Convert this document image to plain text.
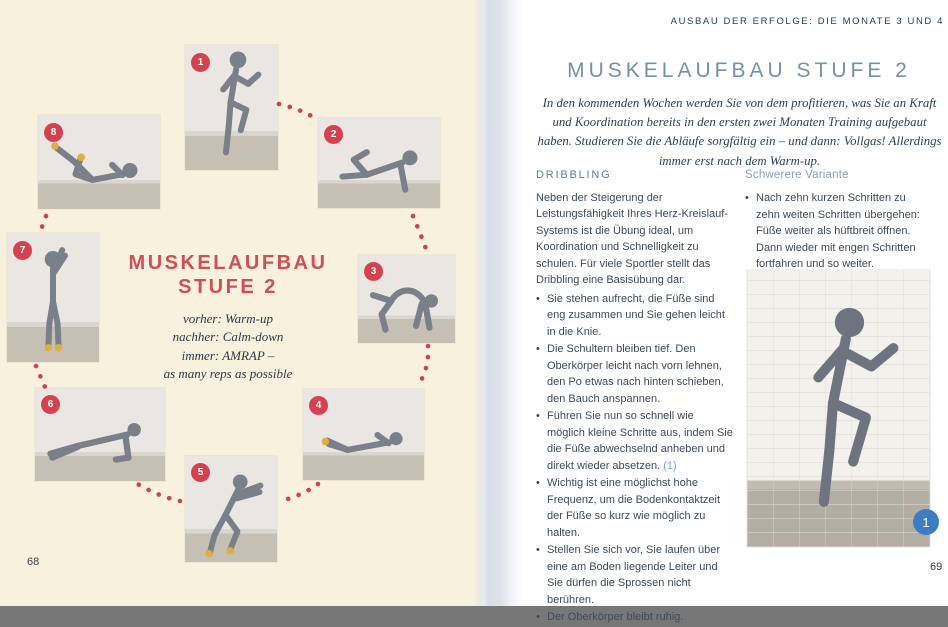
1
2
3
4
5
6
7
8
MUSKELAUFBAU
STUFE 2
vorher: Warm-up
nachher: Calm-down
immer: AMRAP –
as many reps as possible
68
AUSBAU DER ERFOLGE: DIE MONATE 3 UND 4
MUSKELAUFBAU STUFE 2
In den kommenden Wochen werden Sie von dem profitieren, was Sie an Kraft und Koordination bereits in den ersten zwei Monaten Training aufgebaut haben. Studieren Sie die Abläufe sorgfältig ein – und dann: Vollgas! Allerdings immer erst nach dem Warm-up.
DRIBBLING

Neben der Steigerung der Leistungsfähigkeit Ihres Herz-Kreislauf-Systems ist die Übung ideal, um Koordination und Schnelligkeit zu schulen. Für viele Sportler stellt das Dribbling eine Basisübung dar.

• Sie stehen aufrecht, die Füße sind eng zusammen und Sie gehen leicht in die Knie.
• Die Schultern bleiben tief. Den Oberkörper leicht nach vorn lehnen, den Po etwas nach hinten schieben, den Bauch anspannen.
• Führen Sie nun so schnell wie möglich kleine Schritte aus, indem Sie die Füße abwechselnd anheben und direkt wieder absetzen. (1)
• Wichtig ist eine möglichst hohe Frequenz, um die Bodenkontaktzeit der Füße so kurz wie möglich zu halten.
• Stellen Sie sich vor, Sie laufen über eine am Boden liegende Leiter und Sie dürfen die Sprossen nicht berühren.
• Der Oberkörper bleibt ruhig.
Schwerere Variante
• Nach zehn kurzen Schritten zu zehn weiten Schritten übergehen: Füße weiter als hüftbreit öffnen. Dann wieder mit engen Schritten fortfahren und so weiter.
1
69
